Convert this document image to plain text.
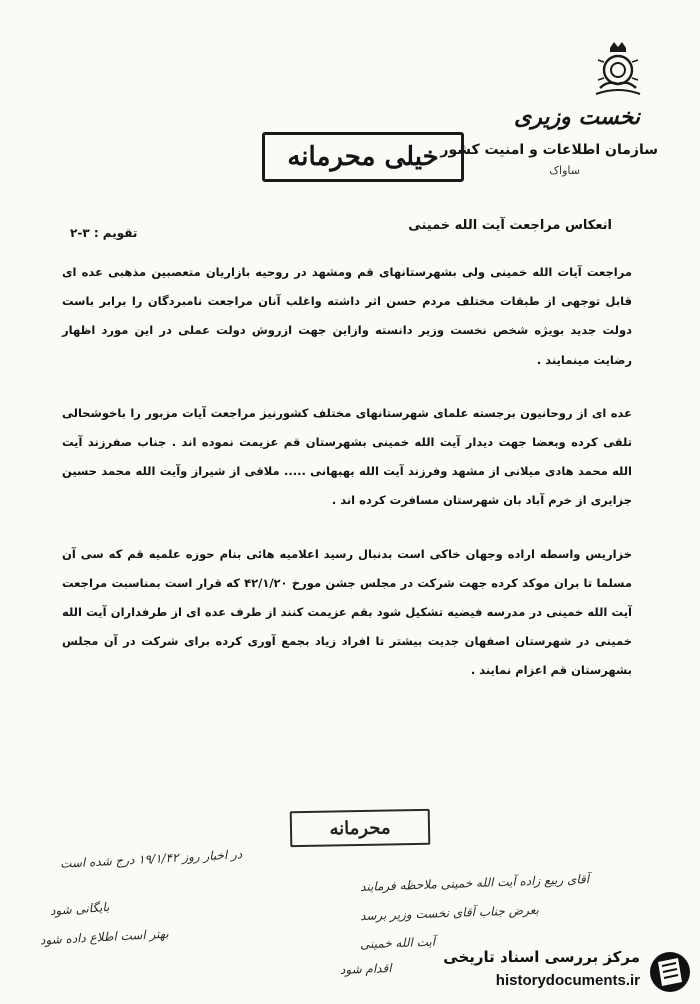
نخست وزیری
سازمان اطلاعات و امنیت کشور
ساواک
خیلی محرمانه
انعکاس مراجعت آیت الله خمینی
تقویم : ۳-۲

مراجعت آیات الله خمینی ولی بشهرستانهای قم ومشهد در روحیه بازاریان متعصبین مذهبی عده ای قابل توجهی از طبقات مختلف مردم حسن اثر داشته واغلب آنان مراجعت نامبردگان را برابر باست دولت جدید بویژه شخص نخست وزیر دانسته وازاین جهت ازروش دولت عملی در این مورد اظهار رضایت مینمایند .

عده ای از روحانیون برجسته علمای شهرستانهای مختلف کشورنیز مراجعت آیات مزبور را باخوشحالی تلقی کرده وبعضا جهت دیدار آیت الله خمینی بشهرستان قم عزیمت نموده اند . جناب صفرزند آیت الله محمد هادی میلانی از مشهد وفرزند آیت الله بهبهانی ..... ملاقی از شیراز وآیت الله محمد حسین جزایری از خرم آباد بان شهرستان مسافرت کرده اند .

خزاریس واسطه اراده وجهان خاکی است بدنبال رسید اعلامیه هائی بنام حوزه علمیه قم که سی آن مسلما تا بران موکد کرده جهت شرکت در مجلس جشن مورخ ۴۲/۱/۲۰ که قرار است بمناسبت مراجعت آیت الله خمینی در مدرسه فیضیه تشکیل شود بقم عزیمت کنند از طرف عده ای از طرفداران آیت الله خمینی در شهرستان اصفهان جدیت بیشتر تا افراد زیاد بجمع آوری کرده برای شرکت در آن مجلس بشهرستان قم اعزام نمایند .

محرمانه
در اخبار روز ۱۹/۱/۴۲ درج شده است
آقای ربیع زاده آیت الله خمینی ملاحظه فرمایند
بایگانی شود
بهتر است اطلاع داده شود
بعرض جناب آقای نخست وزیر برسد
آیت الله خمینی
اقدام شود
مرکز بررسی اسناد تاریخی
historydocuments.ir
